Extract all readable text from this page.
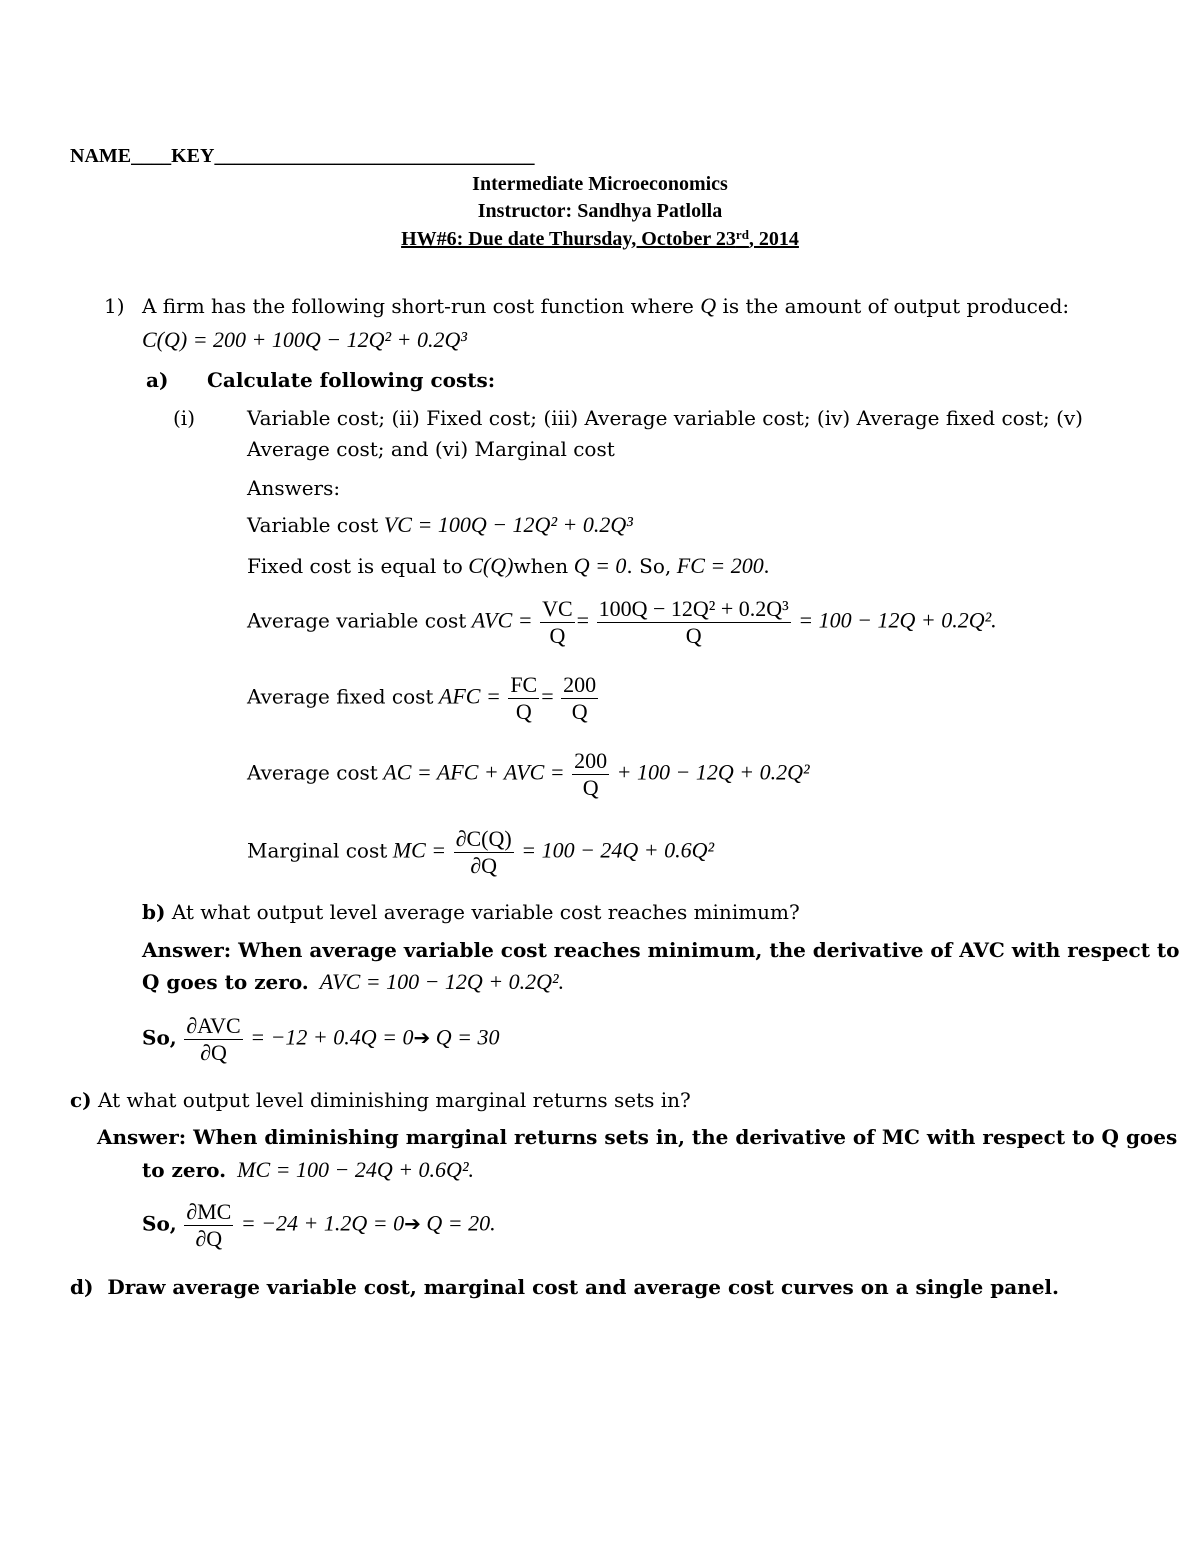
NAME____KEY________________________________
Intermediate Microeconomics
Instructor: Sandhya Patlolla
HW#6: Due date Thursday, October 23rd, 2014
1) A firm has the following short-run cost function where Q is the amount of output produced:
C(Q) = 200 + 100Q − 12Q² + 0.2Q³
a) Calculate following costs:
(i)	Variable cost; (ii) Fixed cost; (iii) Average variable cost; (iv) Average fixed cost; (v)
Average cost; and (vi) Marginal cost
Answers:
Variable cost VC = 100Q − 12Q² + 0.2Q³
Fixed cost is equal to C(Q)when Q = 0. So, FC = 200.
Average variable cost AVC = $\frac{VC}{Q} = \frac{\text{100Q − 12Q² + 0.2Q³}}{Q} = 100 - 12Q + 0.2Q^2$.
Average fixed cost AFC = $\frac{FC}{Q} = \frac{200}{Q}$
Average cost AC = AFC + AVC = $\frac{200}{Q} + 100 - 12Q + 0.2Q^2$
Marginal cost MC = $\frac{\partial C(Q)}{\partial Q} = 100 - 24Q + 0.6Q^2$
b) At what output level average variable cost reaches minimum?
Answer: When average variable cost reaches minimum, the derivative of AVC with respect to
Q goes to zero. AVC = 100 − 12Q + 0.2Q².
So, $\frac{\text{∂AVC}}{\partial Q} = -12 + 0.4Q$ = 0➔ Q = 30
c) At what output level diminishing marginal returns sets in?
Answer: When diminishing marginal returns sets in, the derivative of MC with respect to Q goes
to zero. MC = 100 − 24Q + 0.6Q².
So, $\frac{\partial MC}{\partial Q} = -24 + 1.2Q$ = 0➔ Q = 20.
d) Draw average variable cost, marginal cost and average cost curves on a single panel.
